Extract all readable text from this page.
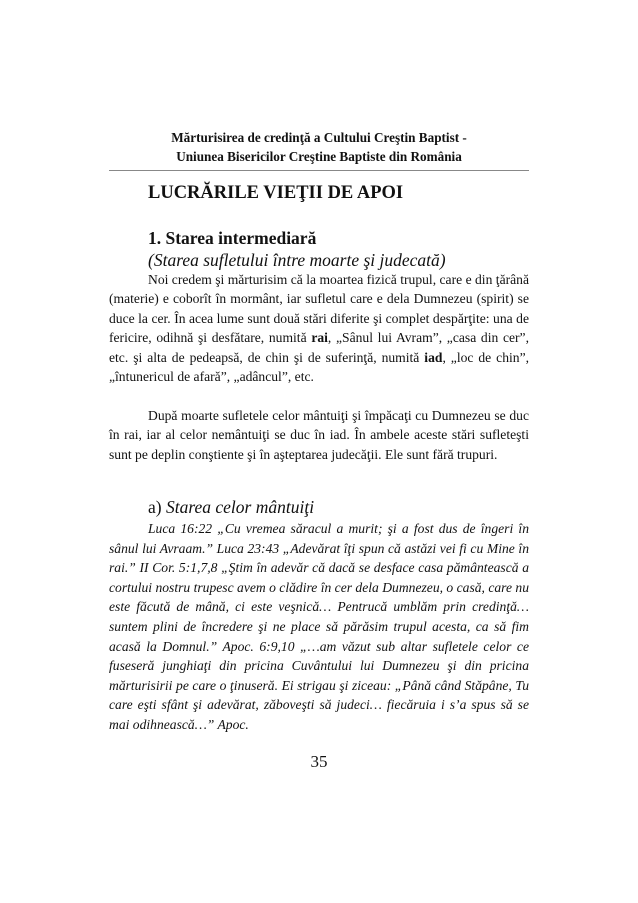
Mărturisirea de credinţă a Cultului Creştin Baptist -
Uniunea Bisericilor Creştine Baptiste din România
LUCRĂRILE VIEŢII DE APOI
1. Starea intermediară
(Starea sufletului între moarte şi judecată)

Noi credem şi mărturisim că la moartea fizică trupul, care e din ţărână (materie) e coborît în mormânt, iar sufletul care e dela Dumnezeu (spirit) se duce la cer. În acea lume sunt două stări diferite şi complet despărţite: una de fericire, odihnă şi desfătare, numită rai, „Sânul lui Avram”, „casa din cer”, etc. şi alta de pedeapsă, de chin şi de suferinţă, numită iad, „loc de chin”, „întunericul de afară”, „adâncul”, etc.

După moarte sufletele celor mântuiţi şi împăcaţi cu Dumnezeu se duc în rai, iar al celor nemântuiţi se duc în iad. În ambele aceste stări sufleteşti sunt pe deplin conştiente şi în aşteptarea judecăţii. Ele sunt fără trupuri.

a) Starea celor mântuiţi

Luca 16:22 „Cu vremea săracul a murit; şi a fost dus de îngeri în sânul lui Avraam.” Luca 23:43 „Adevărat îţi spun că astăzi vei fi cu Mine în rai.” II Cor. 5:1,7,8 „Ştim în adevăr că dacă se desface casa pământească a cortului nostru trupesc avem o clădire în cer dela Dumnezeu, o casă, care nu este făcută de mână, ci este veşnică… Pentrucă umblăm prin credinţă… suntem plini de încredere şi ne place să părăsim trupul acesta, ca să fim acasă la Domnul.” Apoc. 6:9,10 „…am văzut sub altar sufletele celor ce fuseseră junghiaţi din pricina Cuvântului lui Dumnezeu şi din pricina mărturisirii pe care o ţinuseră. Ei strigau şi ziceau: „Până când Stăpâne, Tu care eşti sfânt şi adevărat, zăboveşti să judeci… fiecăruia i s’a spus să se mai odihnească…” Apoc.

35
